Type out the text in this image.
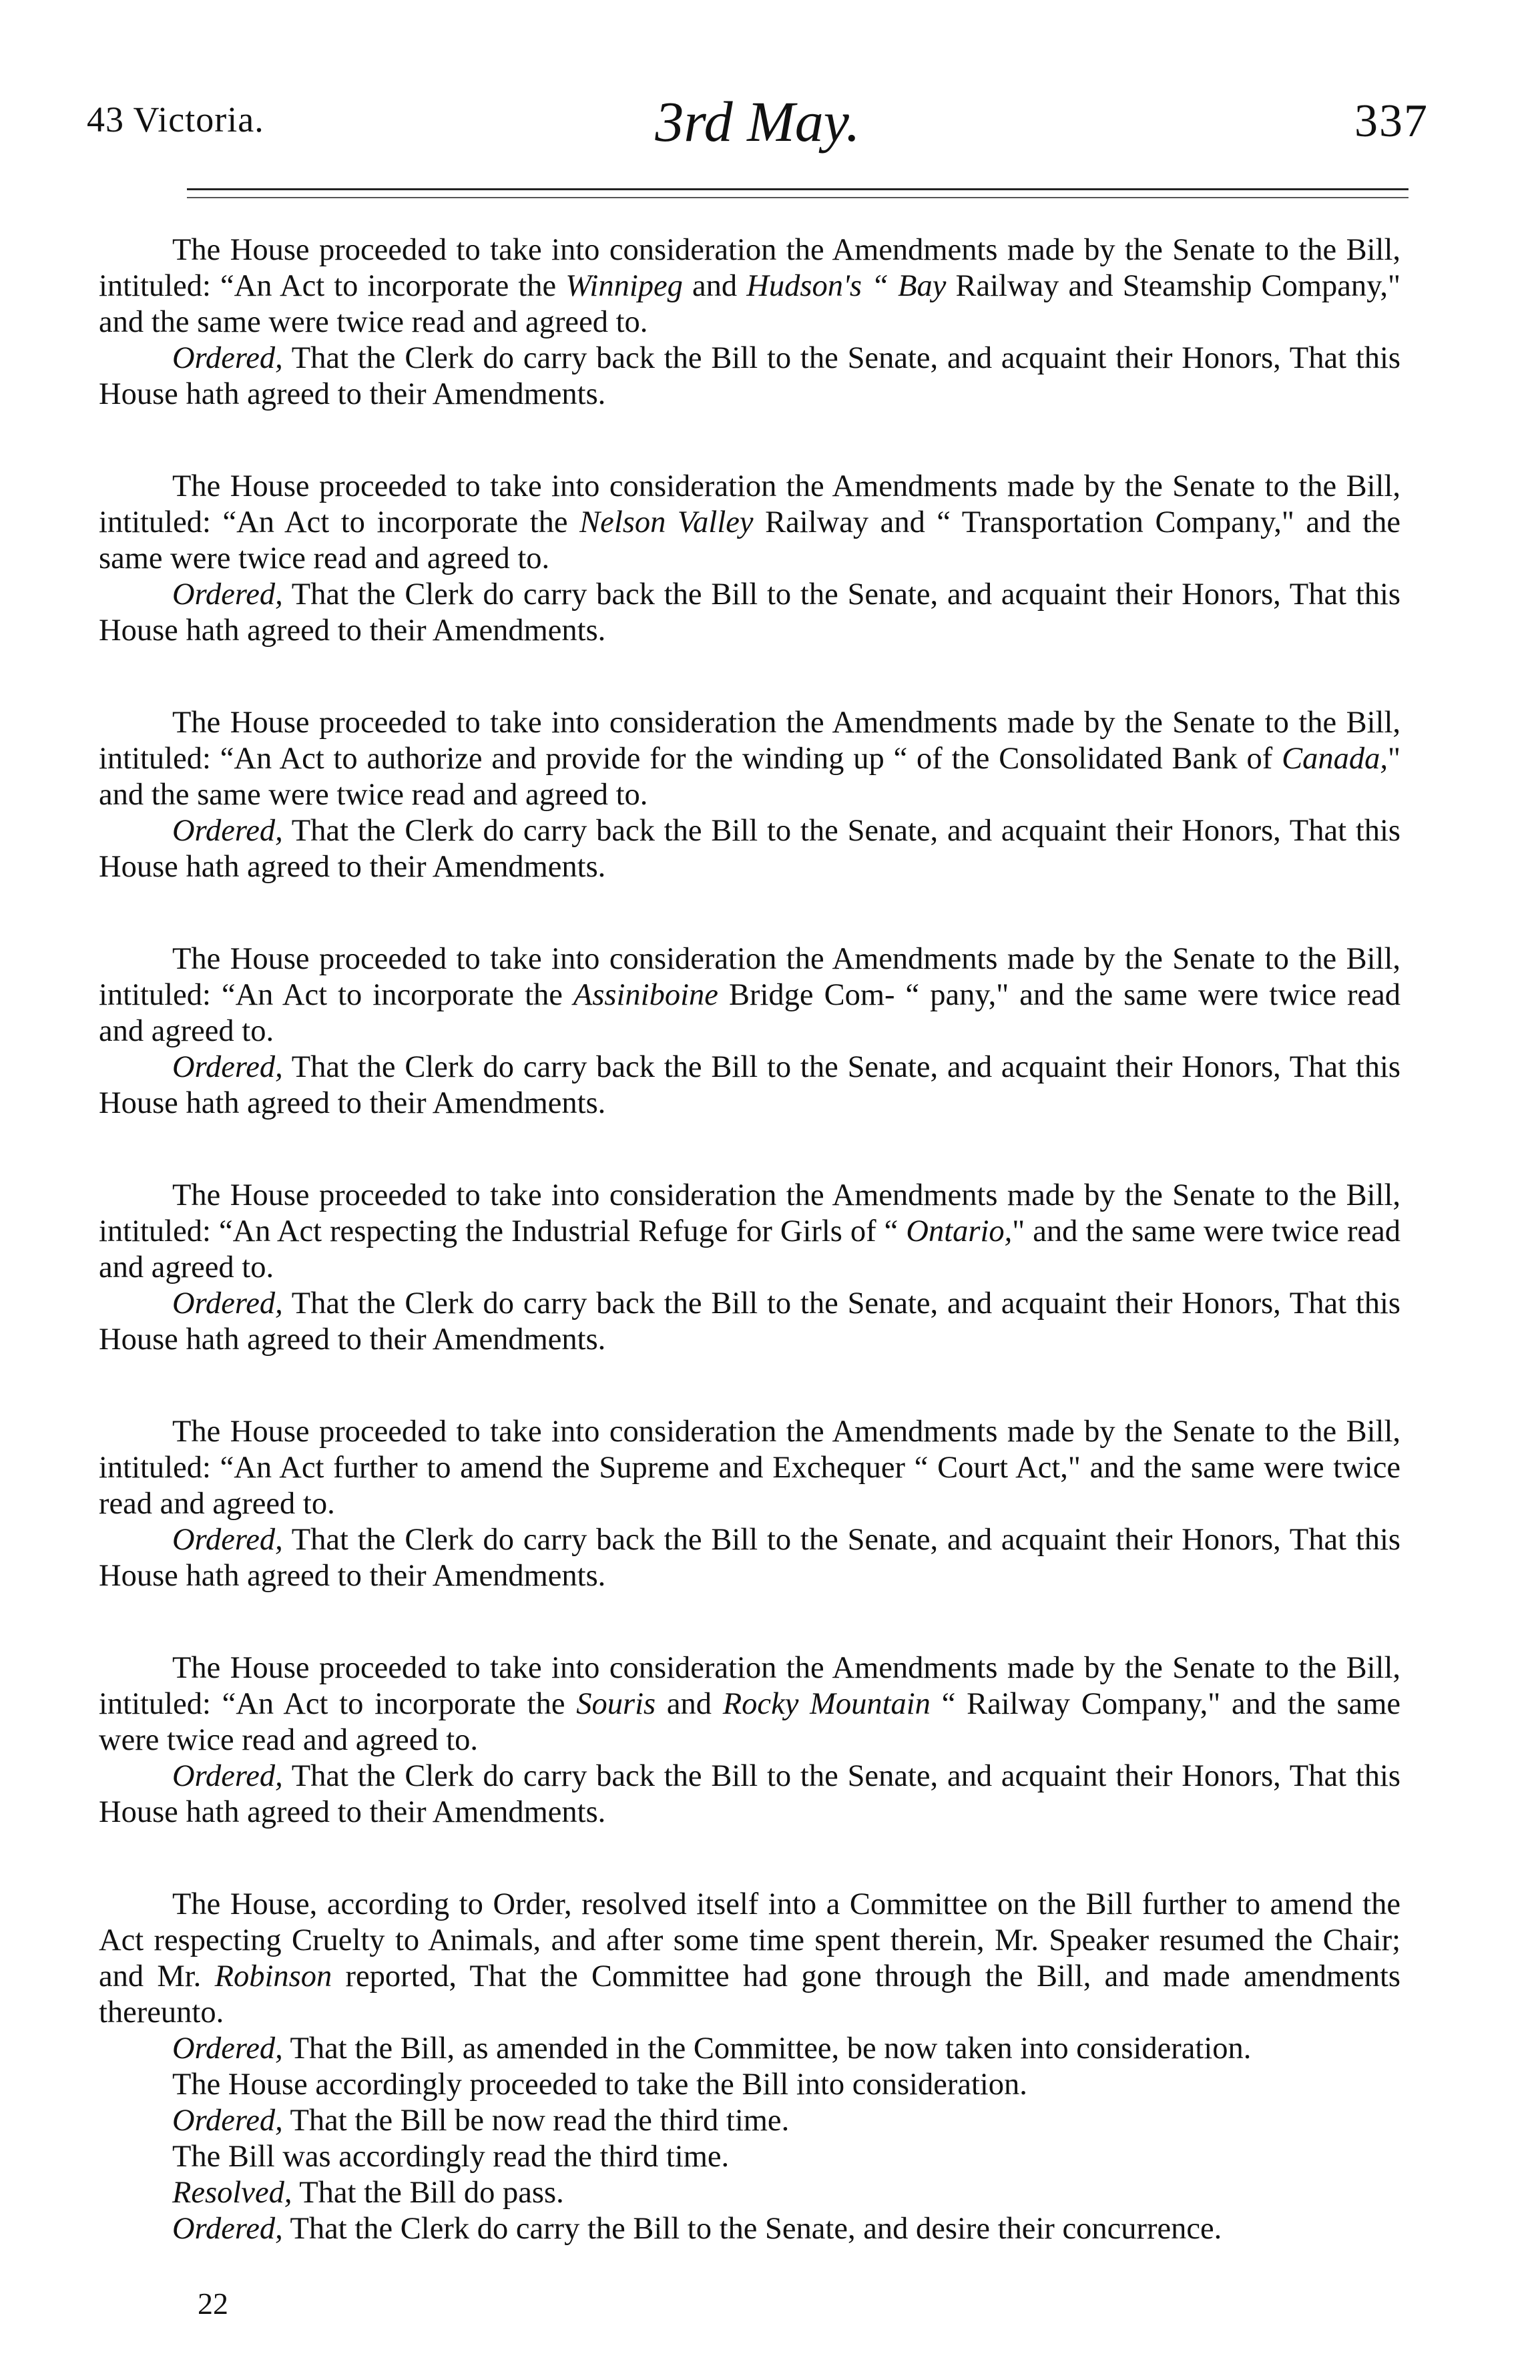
43 Victoria.	3rd May.	337

The House proceeded to take into consideration the Amendments made by the Senate to the Bill, intituled: “An Act to incorporate the Winnipeg and Hudson's “ Bay Railway and Steamship Company," and the same were twice read and agreed to.

Ordered, That the Clerk do carry back the Bill to the Senate, and acquaint their Honors, That this House hath agreed to their Amendments.

The House proceeded to take into consideration the Amendments made by the Senate to the Bill, intituled: “An Act to incorporate the Nelson Valley Railway and “ Transportation Company," and the same were twice read and agreed to.

Ordered, That the Clerk do carry back the Bill to the Senate, and acquaint their Honors, That this House hath agreed to their Amendments.

The House proceeded to take into consideration the Amendments made by the Senate to the Bill, intituled: “An Act to authorize and provide for the winding up “ of the Consolidated Bank of Canada," and the same were twice read and agreed to.

Ordered, That the Clerk do carry back the Bill to the Senate, and acquaint their Honors, That this House hath agreed to their Amendments.

The House proceeded to take into consideration the Amendments made by the Senate to the Bill, intituled: “An Act to incorporate the Assiniboine Bridge Com- “ pany," and the same were twice read and agreed to.

Ordered, That the Clerk do carry back the Bill to the Senate, and acquaint their Honors, That this House hath agreed to their Amendments.

The House proceeded to take into consideration the Amendments made by the Senate to the Bill, intituled: “An Act respecting the Industrial Refuge for Girls of “ Ontario," and the same were twice read and agreed to.

Ordered, That the Clerk do carry back the Bill to the Senate, and acquaint their Honors, That this House hath agreed to their Amendments.

The House proceeded to take into consideration the Amendments made by the Senate to the Bill, intituled: “An Act further to amend the Supreme and Exchequer “ Court Act," and the same were twice read and agreed to.

Ordered, That the Clerk do carry back the Bill to the Senate, and acquaint their Honors, That this House hath agreed to their Amendments.

The House proceeded to take into consideration the Amendments made by the Senate to the Bill, intituled: “An Act to incorporate the Souris and Rocky Mountain “ Railway Company," and the same were twice read and agreed to.

Ordered, That the Clerk do carry back the Bill to the Senate, and acquaint their Honors, That this House hath agreed to their Amendments.

The House, according to Order, resolved itself into a Committee on the Bill further to amend the Act respecting Cruelty to Animals, and after some time spent therein, Mr. Speaker resumed the Chair; and Mr. Robinson reported, That the Committee had gone through the Bill, and made amendments thereunto.

Ordered, That the Bill, as amended in the Committee, be now taken into consideration.

The House accordingly proceeded to take the Bill into consideration.

Ordered, That the Bill be now read the third time.

The Bill was accordingly read the third time.

Resolved, That the Bill do pass.

Ordered, That the Clerk do carry the Bill to the Senate, and desire their concurrence.

22
